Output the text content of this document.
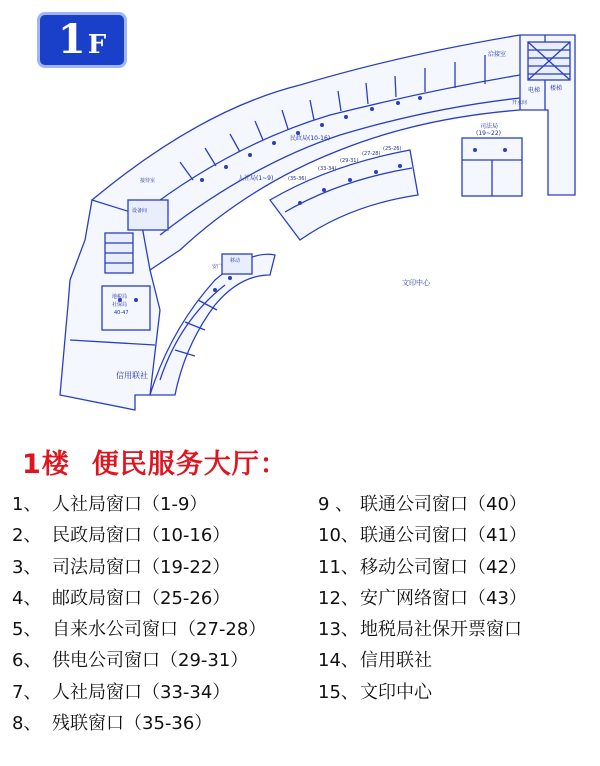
洽接室
楼梯
电梯
开水间
民政局(10-16)
人社局(1~9)
司法局
(19~22)
(25-26)
(27-28)
(29-31)
(33-34)
(35-36)
文印中心
信用联社
地税局
社保局
40-47
接待室
设备间
安广
移动
1 F
1楼 便民服务大厅：
1、 人社局窗口（1-9）
2、 民政局窗口（10-16）
3、 司法局窗口（19-22）
4、 邮政局窗口（25-26）
5、 自来水公司窗口（27-28）
6、 供电公司窗口（29-31）
7、 人社局窗口（33-34）
8、 残联窗口（35-36）
9 、 联通公司窗口（40）
10、 联通公司窗口（41）
11、 移动公司窗口（42）
12、 安广网络窗口（43）
13、 地税局社保开票窗口
14、 信用联社
15、 文印中心
